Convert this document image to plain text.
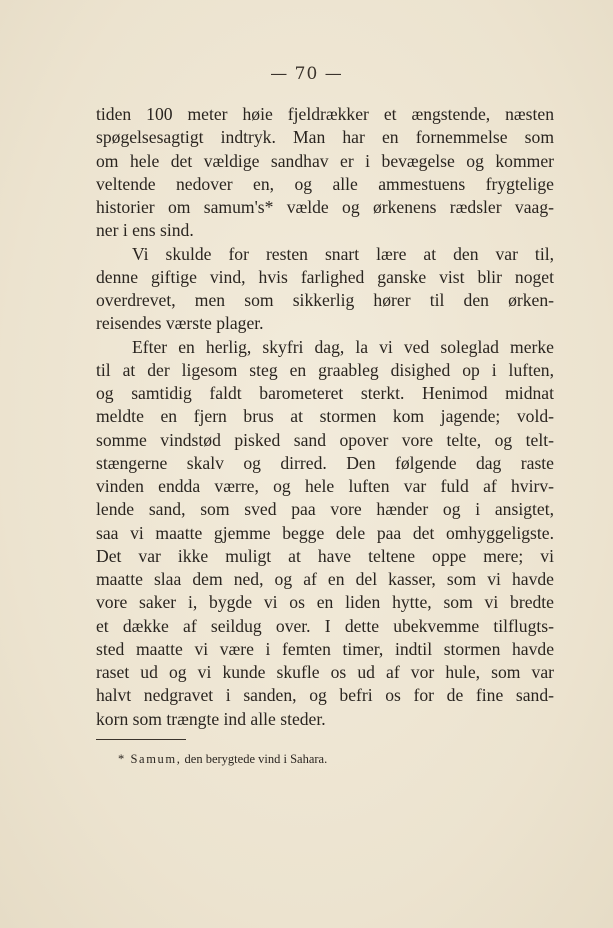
— 70 —
tiden 100 meter høie fjeldrækker et ængstende, næsten
spøgelsesagtigt indtryk. Man har en fornemmelse som
om hele det vældige sandhav er i bevægelse og kommer
veltende nedover en, og alle ammestuens frygtelige
historier om samum's* vælde og ørkenens rædsler vaag-
ner i ens sind.
Vi skulde for resten snart lære at den var til,
denne giftige vind, hvis farlighed ganske vist blir noget
overdrevet, men som sikkerlig hører til den ørken-
reisendes værste plager.
Efter en herlig, skyfri dag, la vi ved soleglad merke
til at der ligesom steg en graableg disighed op i luften,
og samtidig faldt barometeret sterkt. Henimod midnat
meldte en fjern brus at stormen kom jagende; vold-
somme vindstød pisked sand opover vore telte, og telt-
stængerne skalv og dirred. Den følgende dag raste
vinden endda værre, og hele luften var fuld af hvirv-
lende sand, som sved paa vore hænder og i ansigtet,
saa vi maatte gjemme begge dele paa det omhyggeligste.
Det var ikke muligt at have teltene oppe mere; vi
maatte slaa dem ned, og af en del kasser, som vi havde
vore saker i, bygde vi os en liden hytte, som vi bredte
et dække af seildug over. I dette ubekvemme tilflugts-
sted maatte vi være i femten timer, indtil stormen havde
raset ud og vi kunde skufle os ud af vor hule, som var
halvt nedgravet i sanden, og befri os for de fine sand-
korn som trængte ind alle steder.
* Samum, den berygtede vind i Sahara.
